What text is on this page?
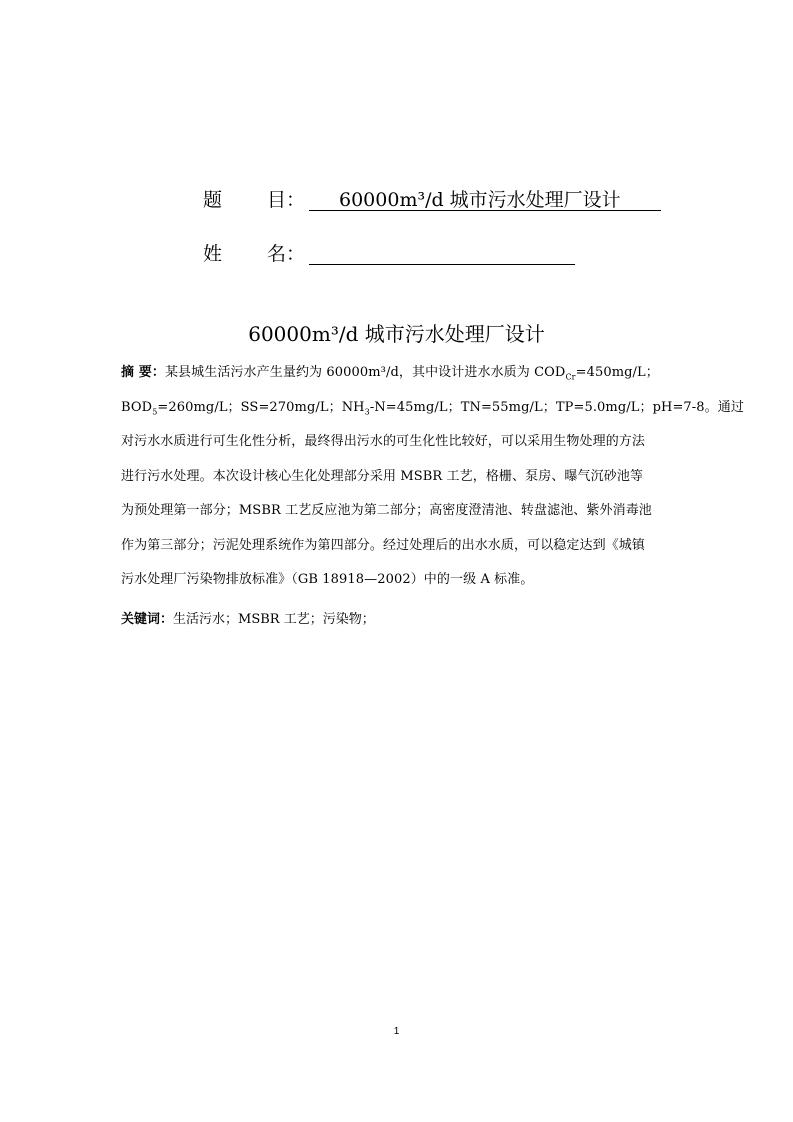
题 目： 60000m³/d 城市污水处理厂设计
姓 名：
60000m³/d 城市污水处理厂设计
摘 要：某县城生活污水产生量约为 60000m³/d，其中设计进水水质为 $COD_{Cr}=450mg/L$；
$BOD_5=260mg/L$；SS=270mg/L；$NH_3-N=45mg/L$；TN=55mg/L；TP=5.0mg/L；pH=7-8。通过
对污水水质进行可生化性分析，最终得出污水的可生化性比较好，可以采用生物处理的方法
进行污水处理。本次设计核心生化处理部分采用 MSBR 工艺，格栅、泵房、曝气沉砂池等
为预处理第一部分；MSBR 工艺反应池为第二部分；高密度澄清池、转盘滤池、紫外消毒池
作为第三部分；污泥处理系统作为第四部分。经过处理后的出水水质，可以稳定达到《城镇
污水处理厂污染物排放标准》（GB 18918—2002）中的一级 A 标准。
关键词：生活污水；MSBR 工艺；污染物；
1
